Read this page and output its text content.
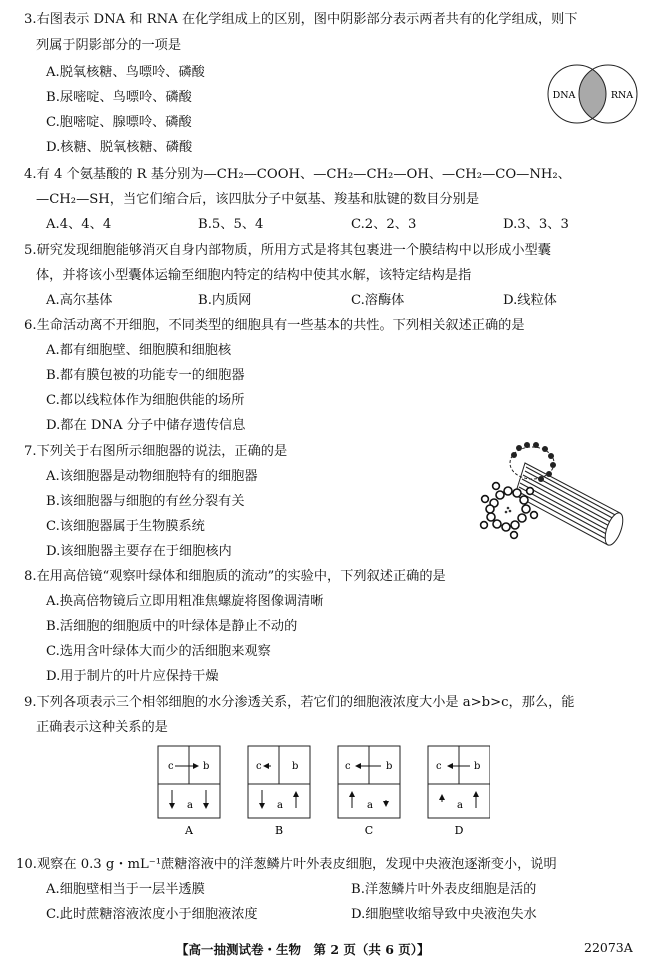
3.右图表示 DNA 和 RNA 在化学组成上的区别，图中阴影部分表示两者共有的化学组成，则下
列属于阴影部分的一项是
A.脱氧核糖、鸟嘌呤、磷酸
B.尿嘧啶、鸟嘌呤、磷酸
C.胞嘧啶、腺嘌呤、磷酸
D.核糖、脱氧核糖、磷酸
DNA	RNA
4.有 4 个氨基酸的 R 基分别为—CH₂—COOH、—CH₂—CH₂—OH、—CH₂—CO—NH₂、
—CH₂—SH，当它们缩合后，该四肽分子中氨基、羧基和肽键的数目分别是
A.4、4、4	B.5、5、4	C.2、2、3	D.3、3、3
5.研究发现细胞能够消灭自身内部物质，所用方式是将其包裹进一个膜结构中以形成小型囊
体，并将该小型囊体运输至细胞内特定的结构中使其水解，该特定结构是指
A.高尔基体	B.内质网	C.溶酶体	D.线粒体
6.生命活动离不开细胞，不同类型的细胞具有一些基本的共性。下列相关叙述正确的是
A.都有细胞壁、细胞膜和细胞核
B.都有膜包被的功能专一的细胞器
C.都以线粒体作为细胞供能的场所
D.都在 DNA 分子中储存遗传信息
7.下列关于右图所示细胞器的说法，正确的是
A.该细胞器是动物细胞特有的细胞器
B.该细胞器与细胞的有丝分裂有关
C.该细胞器属于生物膜系统
D.该细胞器主要存在于细胞核内
8.在用高倍镜“观察叶绿体和细胞质的流动”的实验中，下列叙述正确的是
A.换高倍物镜后立即用粗准焦螺旋将图像调清晰
B.活细胞的细胞质中的叶绿体是静止不动的
C.选用含叶绿体大而少的活细胞来观察
D.用于制片的叶片应保持干燥
9.下列各项表示三个相邻细胞的水分渗透关系，若它们的细胞液浓度大小是 a>b>c，那么，能
正确表示这种关系的是
c	b
a
A
c	b
a
B
c	b
a
C
c	b
a
D
10.观察在 0.3 g・mL⁻¹蔗糖溶液中的洋葱鳞片叶外表皮细胞，发现中央液泡逐渐变小，说明
A.细胞壁相当于一层半透膜	B.洋葱鳞片叶外表皮细胞是活的
C.此时蔗糖溶液浓度小于细胞液浓度	D.细胞壁收缩导致中央液泡失水
【高一抽测试卷・生物　第 2 页（共 6 页）】	22073A
